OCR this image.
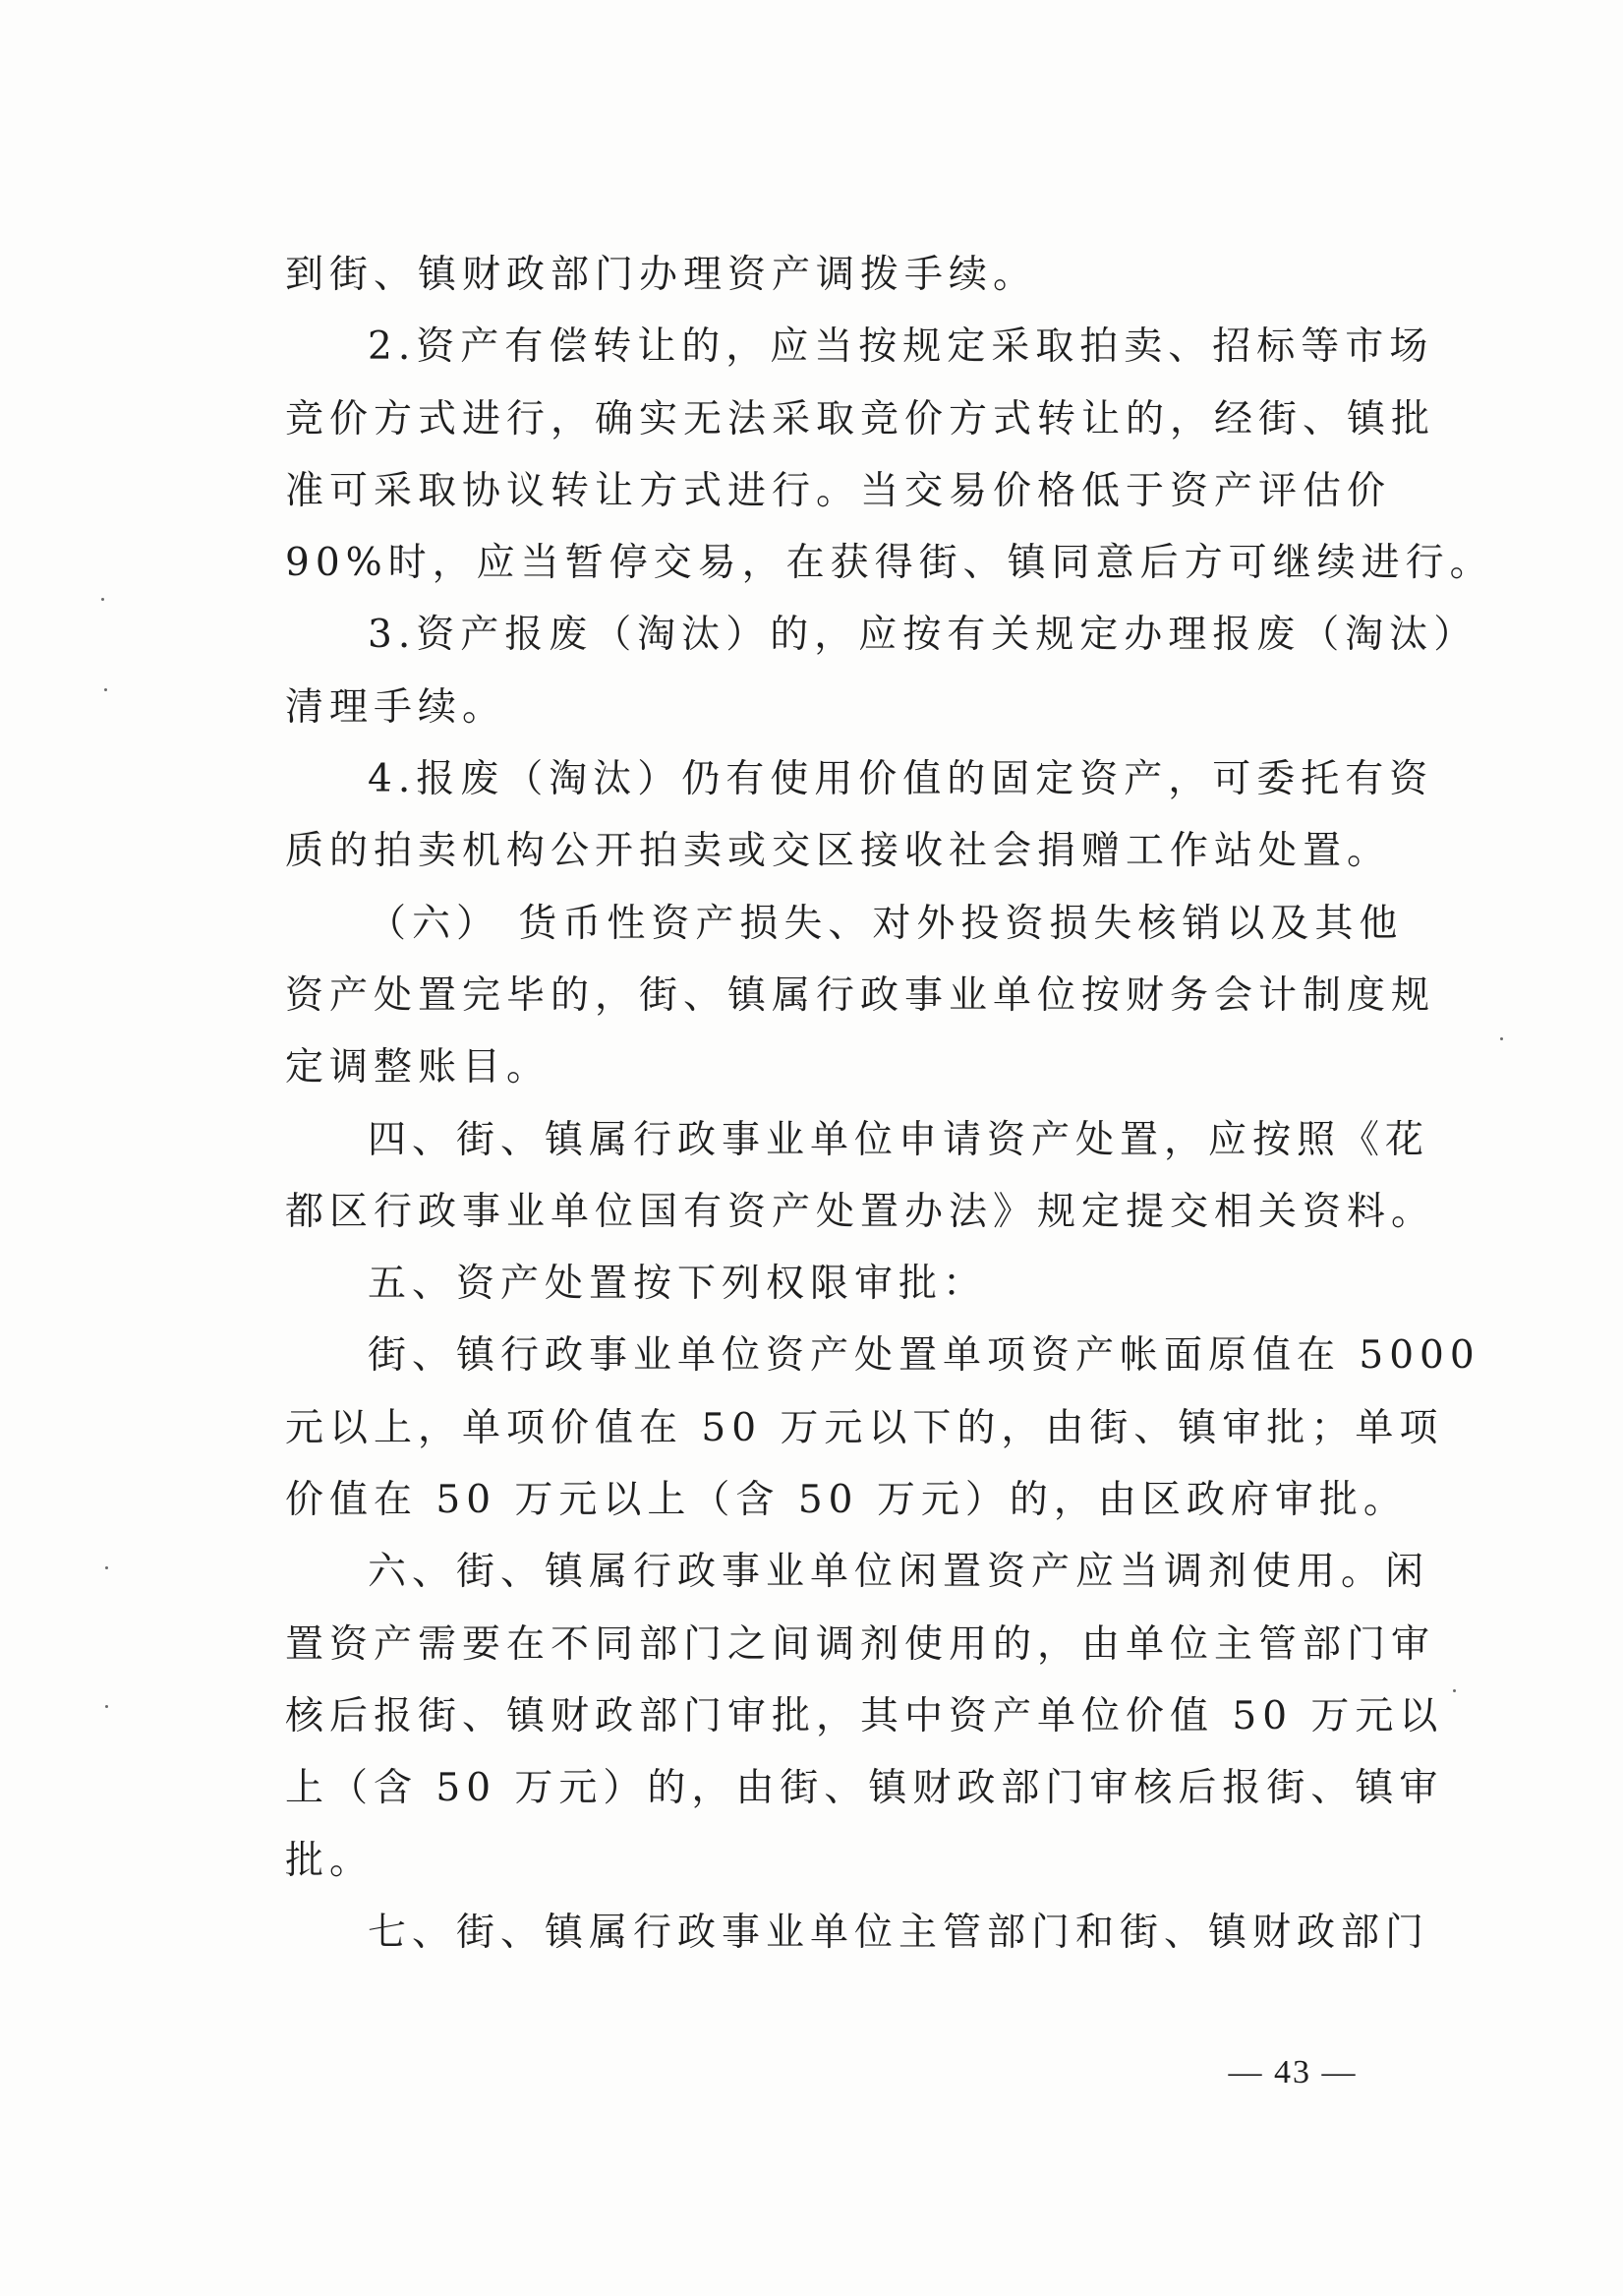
到街、镇财政部门办理资产调拨手续。
2.资产有偿转让的，应当按规定采取拍卖、招标等市场
竞价方式进行，确实无法采取竞价方式转让的，经街、镇批
准可采取协议转让方式进行。当交易价格低于资产评估价
90%时，应当暂停交易，在获得街、镇同意后方可继续进行。
3.资产报废（淘汰）的，应按有关规定办理报废（淘汰）
清理手续。
4.报废（淘汰）仍有使用价值的固定资产，可委托有资
质的拍卖机构公开拍卖或交区接收社会捐赠工作站处置。
（六） 货币性资产损失、对外投资损失核销以及其他
资产处置完毕的，街、镇属行政事业单位按财务会计制度规
定调整账目。
四、街、镇属行政事业单位申请资产处置，应按照《花
都区行政事业单位国有资产处置办法》规定提交相关资料。
五、资产处置按下列权限审批：
街、镇行政事业单位资产处置单项资产帐面原值在 5000
元以上，单项价值在 50 万元以下的，由街、镇审批；单项
价值在 50 万元以上（含 50 万元）的，由区政府审批。
六、街、镇属行政事业单位闲置资产应当调剂使用。闲
置资产需要在不同部门之间调剂使用的，由单位主管部门审
核后报街、镇财政部门审批，其中资产单位价值 50 万元以
上（含 50 万元）的，由街、镇财政部门审核后报街、镇审
批。
七、街、镇属行政事业单位主管部门和街、镇财政部门
— 43 —
